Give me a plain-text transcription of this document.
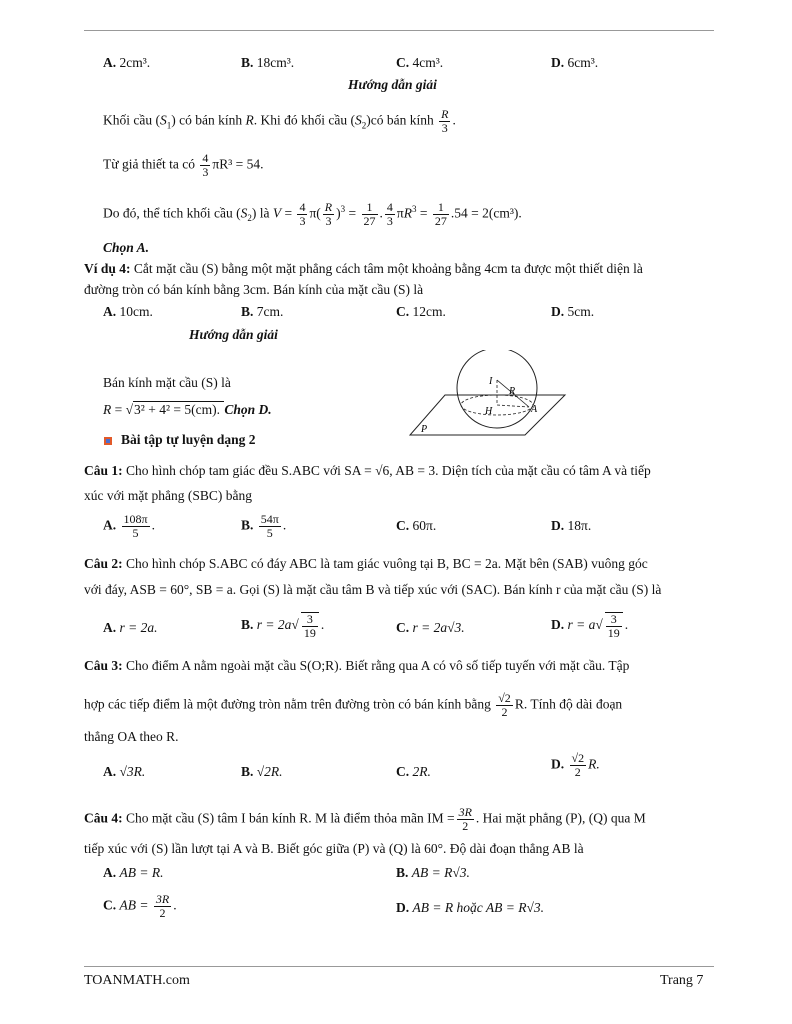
A. 2cm³.	B. 18cm³.	C. 4cm³.	D. 6cm³.
Hướng dẫn giải
Khối cầu $(S_1)$ có bán kính R. Khi đó khối cầu $(S_2)có$ bán kính $\frac{R}{3}$ .
Từ giả thiết ta có $\frac{4}{3} \pi R^3 = 54$.
Do đó, thể tích khối cầu $(S_2)$ là $V = \frac{4}{3} \pi( \frac{R}{3} )^3 = \frac{1}{27}$ . $\frac{4}{3} \pi R^3 = \frac{1}{27} .54 = 2(cm^3)$.
Chọn A.
Ví dụ 4: Cắt mặt cầu (S) bằng một mặt phẳng cách tâm một khoảng bằng 4cm ta được một thiết diện là
đường tròn có bán kính bằng 3cm. Bán kính của mặt cầu (S) là
A. 10cm.	B. 7cm.	C. 12cm.	D. 5cm.
Hướng dẫn giải
Bán kính mặt cầu (S) là
R = √3² + 4² = 5(cm). Chọn D.
I
R
H	A
P
Bài tập tự luyện dạng 2
Câu 1: Cho hình chóp tam giác đều S.ABC với SA = √6, AB = 3. Diện tích của mặt cầu có tâm A và tiếp
xúc với mặt phẳng (SBC) bằng
A. $\frac{108\pi}{5}$ .	B. $\frac{54\pi}{5}$ .	C. 60π.	D. 18π.
Câu 2: Cho hình chóp S.ABC có đáy ABC là tam giác vuông tại B, BC = 2a. Mặt bên (SAB) vuông góc
với đáy, ASB = 60°, SB = a. Gọi (S) là mặt cầu tâm B và tiếp xúc với (SAC). Bán kính r của mặt cầu (S) là
A. r = 2a.	B. $r = 2a√ \frac{3}{19}$ .	C. r = 2a√3.	D. $r = a√ \frac{3}{19}$ .
Câu 3: Cho điểm A nằm ngoài mặt cầu S(O;R). Biết rằng qua A có vô số tiếp tuyến với mặt cầu. Tập
hợp các tiếp điểm là một đường tròn nằm trên đường tròn có bán kính bằng $\frac{√2}{2} R$. Tính độ dài đoạn
thẳng OA theo R.
A. √3R.	B. √2R.	C. 2R.	D. $\frac{√2}{2} R$.
Câu 4: Cho mặt cầu (S) tâm I bán kính R. M là điểm thỏa mãn IM = $\frac{3R}{2}$ . Hai mặt phẳng (P), (Q) qua M
tiếp xúc với (S) lần lượt tại A và B. Biết góc giữa (P) và (Q) là 60°. Độ dài đoạn thẳng AB là
A. AB = R.	B. AB = R√3.
C. AB = $\frac{3R}{2}$ .	D. AB = R hoặc AB = R√3.
TOANMATH.com	Trang 7
